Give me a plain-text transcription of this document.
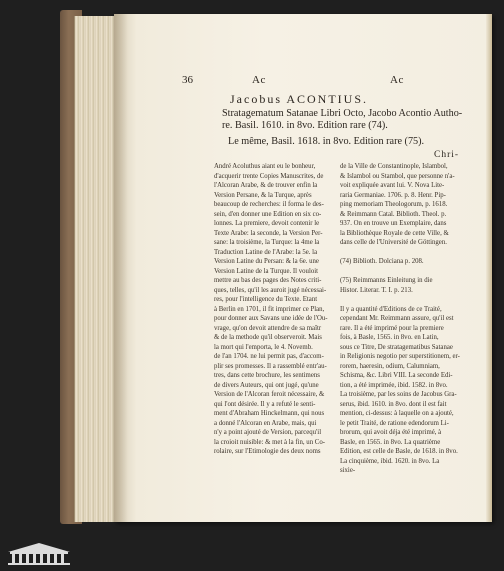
36	Ac	Ac
Jacobus ACONTIUS.
Stratagematum Satanae Libri Octo, Jacobo Acontio Autho-
re. Basil. 1610. in 8vo. Edition rare (74).
Le même, Basil. 1618. in 8vo. Edition rare (75).
Chri-
André Acoluthus aiant eu le bonheur,
d'acquerir trente Copies Manuscrites, de
l'Alcoran Arabe, & de trouver enfin la
Version Persane, & la Turque, après
beaucoup de recherches: il forma le des-
sein, d'en donner une Edition en six co-
lonnes. La premiere, devoit contenir le
Texte Arabe: la seconde, la Version Per-
sane: la troisième, la Turque: la 4me la
Traduction Latine de l'Arabe: la 5e. la
Version Latine du Persan: & la 6e. une
Version Latine de la Turque. Il vouloit
mettre au bas des pages des Notes criti-
ques, telles, qu'il les auroit jugé nécessai-
res, pour l'intelligence du Texte. Etant
à Berlin en 1701, il fit imprimer ce Plan,
pour donner aux Savans une idée de l'Ou-
vrage, qu'on devoit attendre de sa maîtr
& de la methode qu'il observeroit. Mais
la mort qui l'emporta, le 4. Novemb.
de l'an 1704. ne lui permit pas, d'accom-
plir ses promesses. Il a rassemblé entr'au-
tres, dans cette brochure, les sentimens
de divers Auteurs, qui ont jugé, qu'une
Version de l'Alcoran feroit nécessaire, &
qui l'ont désirée. Il y a refuté le senti-
ment d'Abraham Hinckelmann, qui nous
a donné l'Alcoran en Arabe, mais, qui
n'y a point ajouté de Version, parcequ'il
la croioit nuisible: & met à la fin, un Co-
rolaire, sur l'Etimologie des deux noms
de la Ville de Constantinople, Islambol,
& Islambol ou Stambol, que personne n'a-
voit expliquée avant lui. V. Nova Lite-
raria Germaniae. 1706. p. 8. Henr. Pip-
ping memoriam Theologorum, p. 1618.
& Reimmann Catal. Biblioth. Theol. p.
937. On en trouve un Exemplaire, dans
la Bibliothèque Royale de cette Ville, &
dans celle de l'Université de Göttingen.

(74) Biblioth. Dolciana p. 208.

(75) Reimmanns Einleitung in die
Histor. Literar. T. I. p. 213.

Il y a quantité d'Editions de ce Traité,
cependant Mr. Reimmann assure, qu'il est
rare. Il a été imprimé pour la premiere
fois, à Basle, 1565. in 8vo. en Latin,
sous ce Titre, De stratagematibus Satanae
in Religionis negotio per superstitionem, er-
rorem, haeresin, odium, Calumniam,
Schisma, &c. Libri VIII. La seconde Edi-
tion, a été imprimée, ibid. 1582. in 8vo.
La troisième, par les soins de Jacobus Gra-
serus, ibid. 1610. in 8vo. dont il est fait
mention, ci-dessus: à laquelle on a ajouté,
le petit Traité, de ratione edendorum Li-
brorum, qui avoit déja été imprimé, à
Basle, en 1565. in 8vo. La quatrième
Edition, est celle de Basle, de 1618. in 8vo.
La cinquième, ibid. 1620. in 8vo. La
sixie-
